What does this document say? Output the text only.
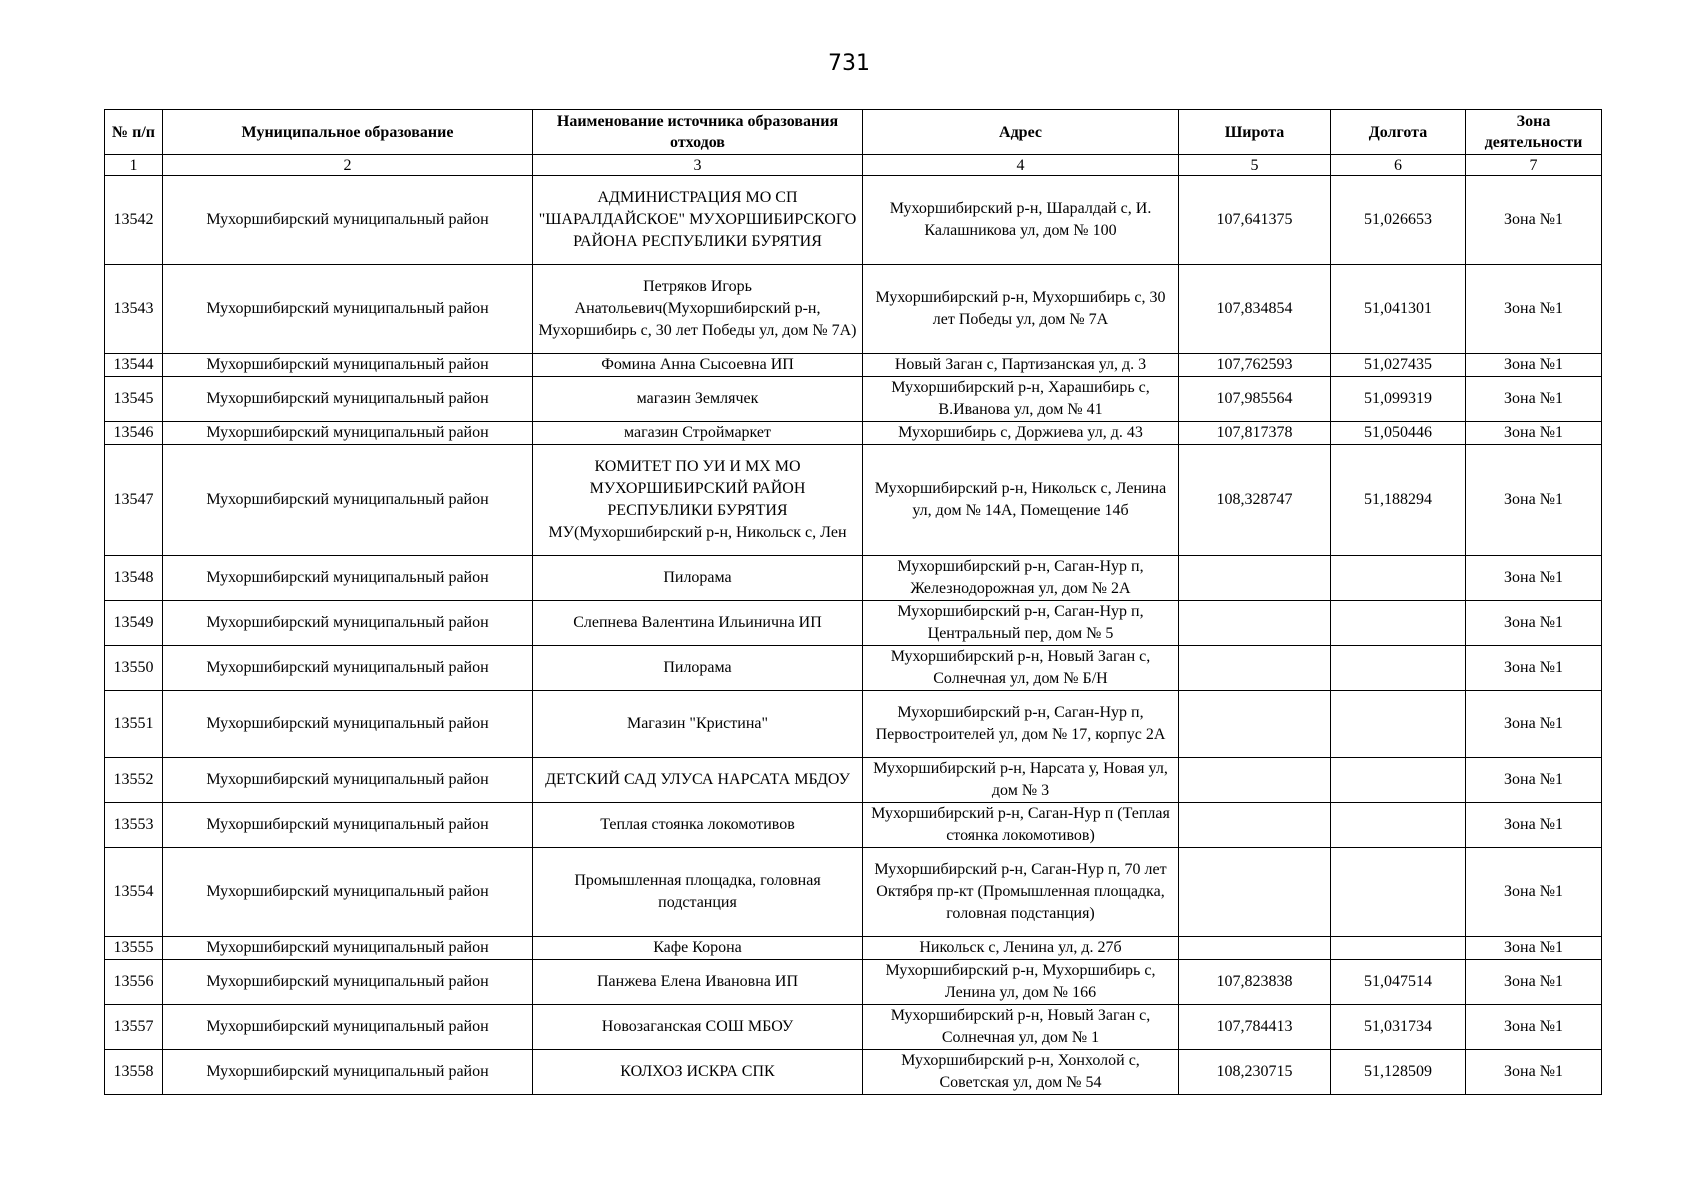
731
№ п/п	Муниципальное образование	Наименование источника образования отходов	Адрес	Широта	Долгота	Зона деятельности
1	2	3	4	5	6	7
13542	Мухоршибирский муниципальный район	АДМИНИСТРАЦИЯ МО СП "ШАРАЛДАЙСКОЕ" МУХОРШИБИРСКОГО РАЙОНА РЕСПУБЛИКИ БУРЯТИЯ	Мухоршибирский р-н, Шаралдай с, И. Калашникова ул, дом № 100	107,641375	51,026653	Зона №1
13543	Мухоршибирский муниципальный район	Петряков Игорь Анатольевич(Мухоршибирский р-н, Мухоршибирь с, 30 лет Победы ул, дом № 7А)	Мухоршибирский р-н, Мухоршибирь с, 30 лет Победы ул, дом № 7А	107,834854	51,041301	Зона №1
13544	Мухоршибирский муниципальный район	Фомина Анна Сысоевна ИП	Новый Заган с, Партизанская ул, д. 3	107,762593	51,027435	Зона №1
13545	Мухоршибирский муниципальный район	магазин Землячек	Мухоршибирский р-н, Харашибирь с, В.Иванова ул, дом № 41	107,985564	51,099319	Зона №1
13546	Мухоршибирский муниципальный район	магазин Строймаркет	Мухоршибирь с, Доржиева ул, д. 43	107,817378	51,050446	Зона №1
13547	Мухоршибирский муниципальный район	КОМИТЕТ ПО УИ И МХ МО МУХОРШИБИРСКИЙ РАЙОН РЕСПУБЛИКИ БУРЯТИЯ МУ(Мухоршибирский р-н, Никольск с, Лен	Мухоршибирский р-н, Никольск с, Ленина ул, дом № 14А, Помещение 14б	108,328747	51,188294	Зона №1
13548	Мухоршибирский муниципальный район	Пилорама	Мухоршибирский р-н, Саган-Нур п, Железнодорожная ул, дом № 2А			Зона №1
13549	Мухоршибирский муниципальный район	Слепнева Валентина Ильинична ИП	Мухоршибирский р-н, Саган-Нур п, Центральный пер, дом № 5			Зона №1
13550	Мухоршибирский муниципальный район	Пилорама	Мухоршибирский р-н, Новый Заган с, Солнечная ул, дом № Б/Н			Зона №1
13551	Мухоршибирский муниципальный район	Магазин "Кристина"	Мухоршибирский р-н, Саган-Нур п, Первостроителей ул, дом № 17, корпус 2А			Зона №1
13552	Мухоршибирский муниципальный район	ДЕТСКИЙ САД УЛУСА НАРСАТА МБДОУ	Мухоршибирский р-н, Нарсата у, Новая ул, дом № 3			Зона №1
13553	Мухоршибирский муниципальный район	Теплая стоянка локомотивов	Мухоршибирский р-н, Саган-Нур п (Теплая стоянка локомотивов)			Зона №1
13554	Мухоршибирский муниципальный район	Промышленная площадка, головная подстанция	Мухоршибирский р-н, Саган-Нур п, 70 лет Октября пр-кт (Промышленная площадка, головная подстанция)			Зона №1
13555	Мухоршибирский муниципальный район	Кафе Корона	Никольск с, Ленина ул, д. 27б			Зона №1
13556	Мухоршибирский муниципальный район	Панжева Елена Ивановна ИП	Мухоршибирский р-н, Мухоршибирь с, Ленина ул, дом № 166	107,823838	51,047514	Зона №1
13557	Мухоршибирский муниципальный район	Новозаганская СОШ МБОУ	Мухоршибирский р-н, Новый Заган с, Солнечная ул, дом № 1	107,784413	51,031734	Зона №1
13558	Мухоршибирский муниципальный район	КОЛХОЗ ИСКРА СПК	Мухоршибирский р-н, Хонхолой с, Советская ул, дом № 54	108,230715	51,128509	Зона №1
